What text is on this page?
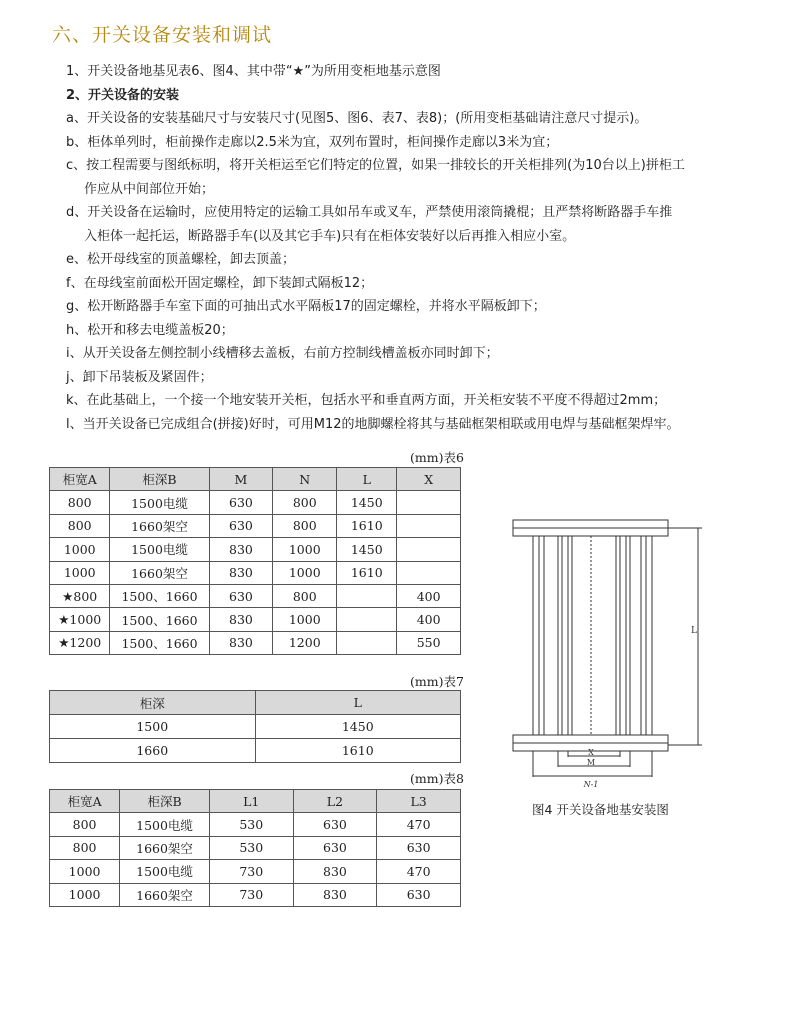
六、开关设备安装和调试
1、开关设备地基见表6、图4、其中带“★”为所用变柜地基示意图
2、开关设备的安装
a、开关设备的安装基础尺寸与安装尺寸(见图5、图6、表7、表8)；(所用变柜基础请注意尺寸提示)。
b、柜体单列时，柜前操作走廊以2.5米为宜，双列布置时，柜间操作走廊以3米为宜；
c、按工程需要与图纸标明，将开关柜运至它们特定的位置，如果一排较长的开关柜排列(为10台以上)拼柜工
作应从中间部位开始；
d、开关设备在运输时，应使用特定的运输工具如吊车或叉车，严禁使用滚筒撬棍；且严禁将断路器手车推
入柜体一起托运，断路器手车(以及其它手车)只有在柜体安装好以后再推入相应小室。
e、松开母线室的顶盖螺栓，卸去顶盖；
f、在母线室前面松开固定螺栓，卸下装卸式隔板12；
g、松开断路器手车室下面的可抽出式水平隔板17的固定螺栓，并将水平隔板卸下；
h、松开和移去电缆盖板20；
i、从开关设备左侧控制小线槽移去盖板，右前方控制线槽盖板亦同时卸下；
j、卸下吊装板及紧固件；
k、在此基础上，一个接一个地安装开关柜，包括水平和垂直两方面，开关柜安装不平度不得超过2mm；
l、当开关设备已完成组合(拼接)好时，可用M12的地脚螺栓将其与基础框架相联或用电焊与基础框架焊牢。
(mm)表6
柜宽A	柜深B	M	N	L	X
800	1500电缆	630	800	1450	
800	1660架空	630	800	1610	
1000	1500电缆	830	1000	1450	
1000	1660架空	830	1000	1610	
★800	1500、1660	630	800		400
★1000	1500、1660	830	1000		400
★1200	1500、1660	830	1200		550
(mm)表7
柜深	L
1500	1450
1660	1610
(mm)表8
柜宽A	柜深B	L1	L2	L3
800	1500电缆	530	630	470
800	1660架空	530	630	630
1000	1500电缆	730	830	470
1000	1660架空	730	830	630
L
X
M
N-1
图4 开关设备地基安装图
